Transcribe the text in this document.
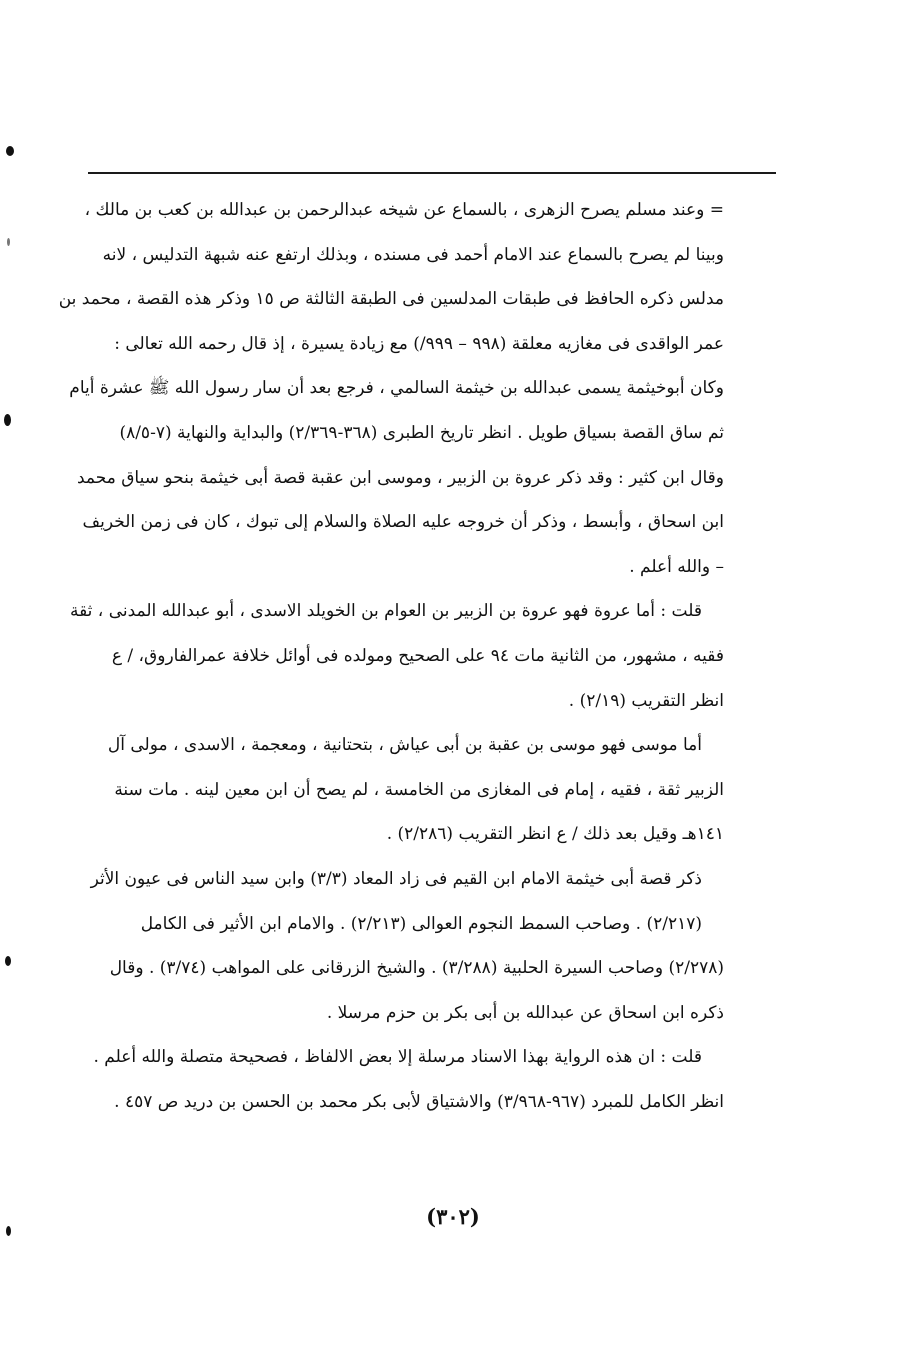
= وعند مسلم يصرح الزهرى ، بالسماع عن شيخه عبدالرحمن بن عبدالله بن كعب بن مالك ،
وبينا لم يصرح بالسماع عند الامام أحمد فى مسنده ، وبذلك ارتفع عنه شبهة التدليس ، لانه
مدلس ذكره الحافظ فى طبقات المدلسين فى الطبقة الثالثة ص ١٥ وذكر هذه القصة ، محمد بن
عمر الواقدى فى مغازيه معلقة (٩٩٨ – ٩٩٩/) مع زيادة يسيرة ، إذ قال رحمه الله تعالى :
وكان أبوخيثمة يسمى عبدالله بن خيثمة السالمي ، فرجع بعد أن سار رسول الله ﷺ عشرة أيام
ثم ساق القصة بسياق طويل . انظر تاريخ الطبرى (٣٦٨-٢/٣٦٩) والبداية والنهاية (٧-٨/٥)
وقال ابن كثير : وقد ذكر عروة بن الزبير ، وموسى ابن عقبة قصة أبى خيثمة بنحو سياق محمد
ابن اسحاق ، وأبسط ، وذكر أن خروجه عليه الصلاة والسلام إلى تبوك ، كان فى زمن الخريف
– والله أعلم .
قلت : أما عروة فهو عروة بن الزبير بن العوام بن الخويلد الاسدى ، أبو عبدالله المدنى ، ثقة
فقيه ، مشهور، من الثانية مات ٩٤ على الصحيح ومولده فى أوائل خلافة عمرالفاروق، / ع
انظر التقريب (٢/١٩) .
أما موسى فهو موسى بن عقبة بن أبى عياش ، بتحتانية ، ومعجمة ، الاسدى ، مولى آل
الزبير ثقة ، فقيه ، إمام فى المغازى من الخامسة ، لم يصح أن ابن معين لينه . مات سنة
١٤١هـ وقيل بعد ذلك / ع انظر التقريب (٢/٢٨٦) .
ذكر قصة أبى خيثمة الامام ابن القيم فى زاد المعاد (٣/٣) وابن سيد الناس فى عيون الأثر
(٢/٢١٧) . وصاحب السمط النجوم العوالى (٢/٢١٣) . والامام ابن الأثير فى الكامل
(٢/٢٧٨) وصاحب السيرة الحلبية (٣/٢٨٨) . والشيخ الزرقانى على المواهب (٣/٧٤) . وقال
ذكره ابن اسحاق عن عبدالله بن أبى بكر بن حزم مرسلا .
قلت : ان هذه الرواية بهذا الاسناد مرسلة إلا بعض الالفاظ ، فصحيحة متصلة والله أعلم .
انظر الكامل للمبرد (٩٦٧-٣/٩٦٨) والاشتياق لأبى بكر محمد بن الحسن بن دريد ص ٤٥٧ .
(٣٠٢)
